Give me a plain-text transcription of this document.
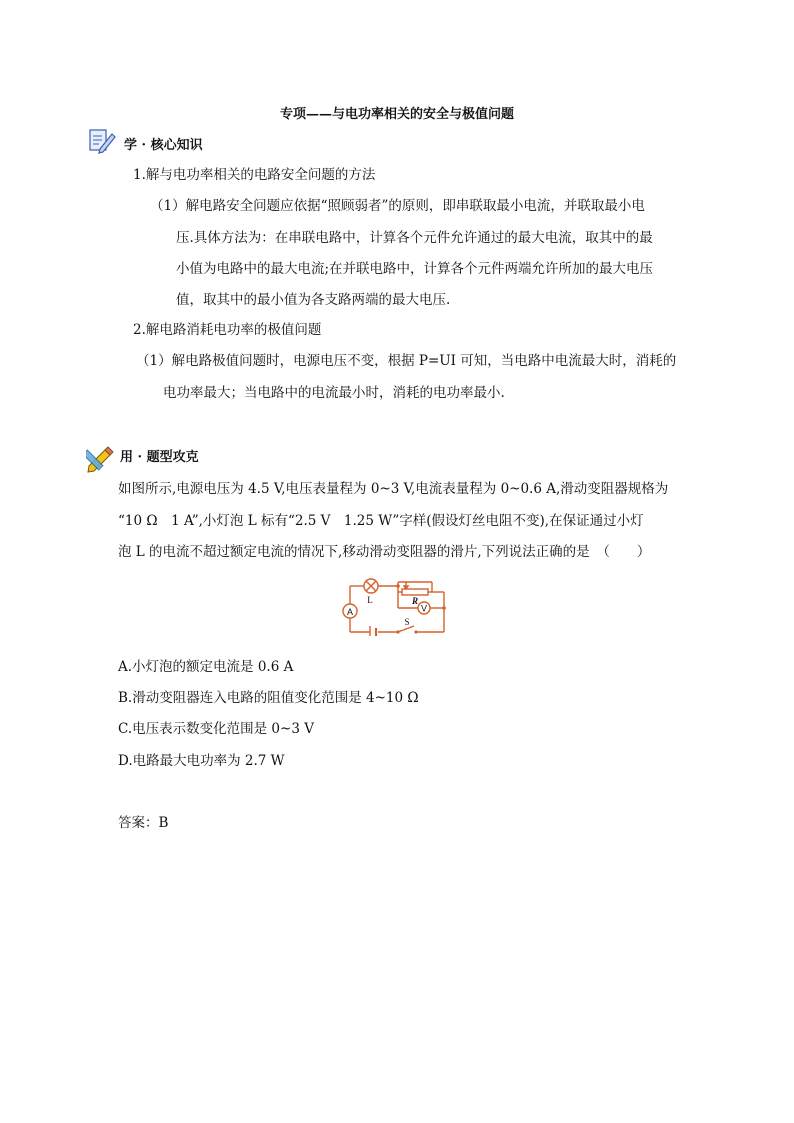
专项——与电功率相关的安全与极值问题
学 · 核心知识
1.解与电功率相关的电路安全问题的方法
（1）解电路安全问题应依据“照顾弱者”的原则，即串联取最小电流，并联取最小电
压.具体方法为：在串联电路中，计算各个元件允许通过的最大电流，取其中的最
小值为电路中的最大电流;在并联电路中，计算各个元件两端允许所加的最大电压
值，取其中的最小值为各支路两端的最大电压.
2.解电路消耗电功率的极值问题
（1）解电路极值问题时，电源电压不变，根据 P=UI 可知，当电路中电流最大时，消耗的
电功率最大；当电路中的电流最小时，消耗的电功率最小.
用 · 题型攻克
如图所示,电源电压为 4.5 V,电压表量程为 0~3 V,电流表量程为 0~0.6 A,滑动变阻器规格为
“10 Ω　1 A”,小灯泡 L 标有“2.5 V　1.25 W”字样(假设灯丝电阻不变),在保证通过小灯
泡 L 的电流不超过额定电流的情况下,移动滑动变阻器的滑片,下列说法正确的是　（　　）
A
L	R
V
S
A.小灯泡的额定电流是 0.6 A
B.滑动变阻器连入电路的阻值变化范围是 4~10 Ω
C.电压表示数变化范围是 0~3 V
D.电路最大电功率为 2.7 W
答案：B
